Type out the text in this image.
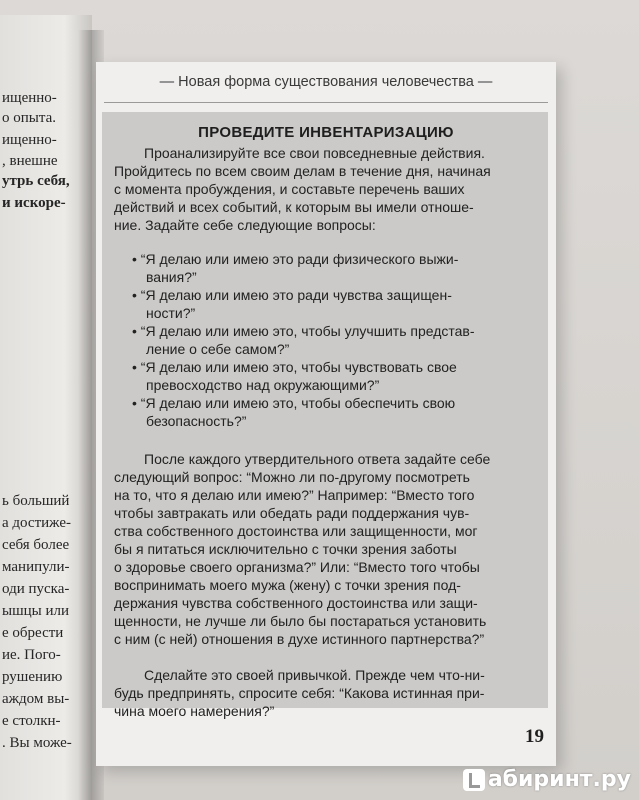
ищенно-
о опыта.
ищенно-
, внешне
утрь себя,
и искоре-
ь больший
а достиже-
себя более
манипули-
оди пуска-
ышцы или
е обрести
ие. Пого-
рушению
аждом вы-
е столкн-
. Вы може-
— Новая форма существования человечества —
ПРОВЕДИТЕ ИНВЕНТАРИЗАЦИЮ
Проанализируйте все свои повседневные действия.
Пройдитесь по всем своим делам в течение дня, начиная
с момента пробуждения, и составьте перечень ваших
действий и всех событий, к которым вы имели отноше-
ние. Задайте себе следующие вопросы:
• “Я делаю или имею это ради физического выжи-
вания?”
• “Я делаю или имею это ради чувства защищен-
ности?”
• “Я делаю или имею это, чтобы улучшить представ-
ление о себе самом?”
• “Я делаю или имею это, чтобы чувствовать свое
превосходство над окружающими?”
• “Я делаю или имею это, чтобы обеспечить свою
безопасность?”
После каждого утвердительного ответа задайте себе
следующий вопрос: “Можно ли по-другому посмотреть
на то, что я делаю или имею?” Например: “Вместо того
чтобы завтракать или обедать ради поддержания чув-
ства собственного достоинства или защищенности, мог
бы я питаться исключительно с точки зрения заботы
о здоровье своего организма?” Или: “Вместо того чтобы
воспринимать моего мужа (жену) с точки зрения под-
держания чувства собственного достоинства или защи-
щенности, не лучше ли было бы постараться установить
с ним (с ней) отношения в духе истинного партнерства?”
Сделайте это своей привычкой. Прежде чем что-ни-
будь предпринять, спросите себя: “Какова истинная при-
чина моего намерения?”
19
абиринт.ру
